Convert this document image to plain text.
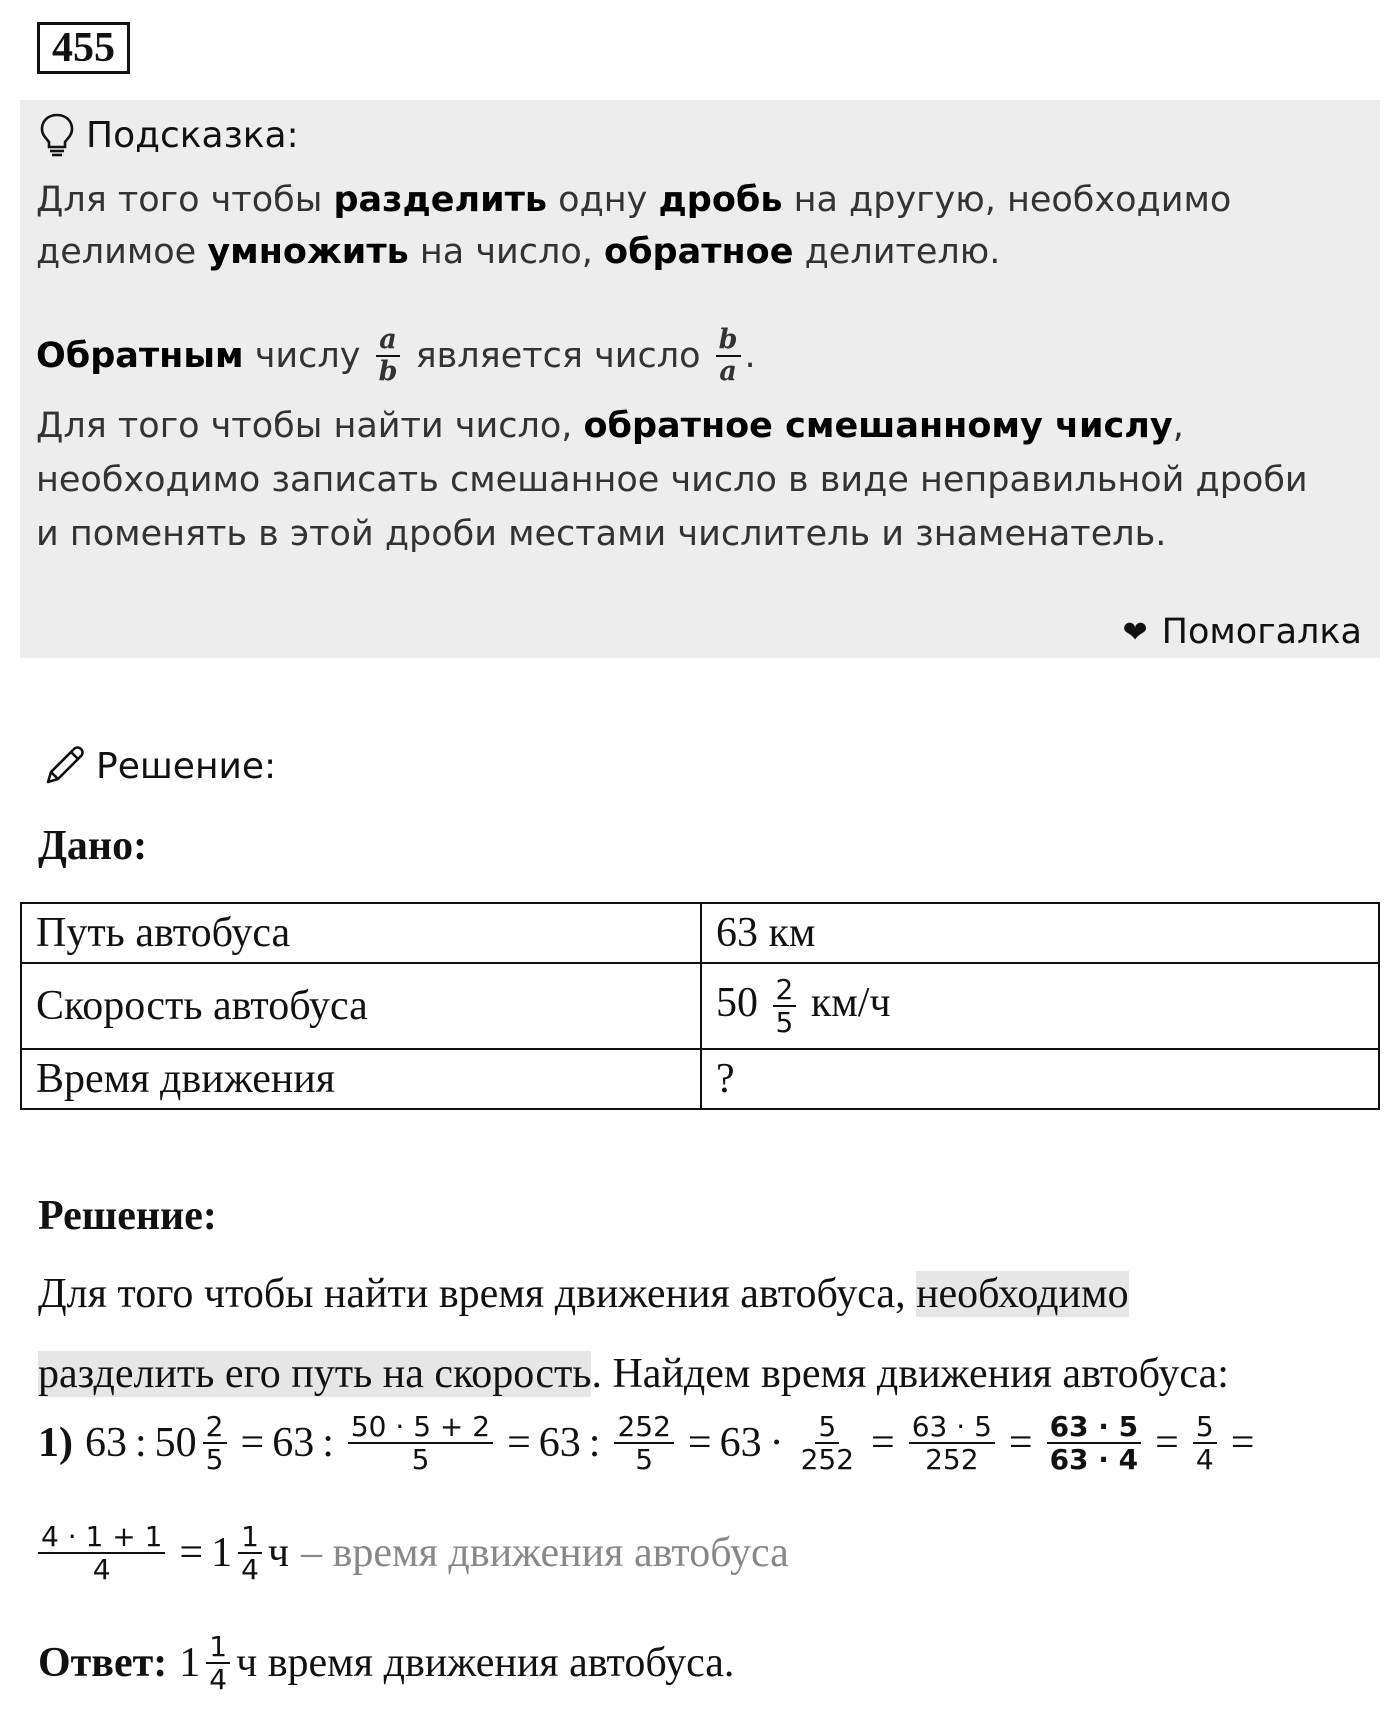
455
Подсказка:
Для того чтобы разделить одну дробь на другую, необходимо
делимое умножить на число, обратное делителю.
Обратным числу $\frac{a}{b}$ является число $\frac{b}{a}$ .
Для того чтобы найти число, обратное смешанному числу,
необходимо записать смешанное число в виде неправильной дроби
и поменять в этой дроби местами числитель и знаменатель.
❤ Помогалка
Решение:
Дано:
Путь автобуса	63 км
Скорость автобуса	$50 \frac{2}{5} км/ч$
Время движения	?
Решение:
Для того чтобы найти время движения автобуса, необходимо
разделить его путь на скорость. Найдем время движения автобуса:
1) 63 : $50 \frac{2}{5} = 63$ : $\frac{50 \cdot 5 + 2}{5} = 63$ : $\frac{252}{5} = 63 \cdot \frac{5}{252} = \frac{63 \cdot 5}{252} = \frac{63 \cdot 5}{63 \cdot 4} = \frac{5}{4}$ =
$\frac{4 \cdot 1 + 1}{4} = 1 \frac{1}{4}$ ч – время движения автобуса
Ответ: $1 \frac{1}{4}$ ч время движения автобуса.
